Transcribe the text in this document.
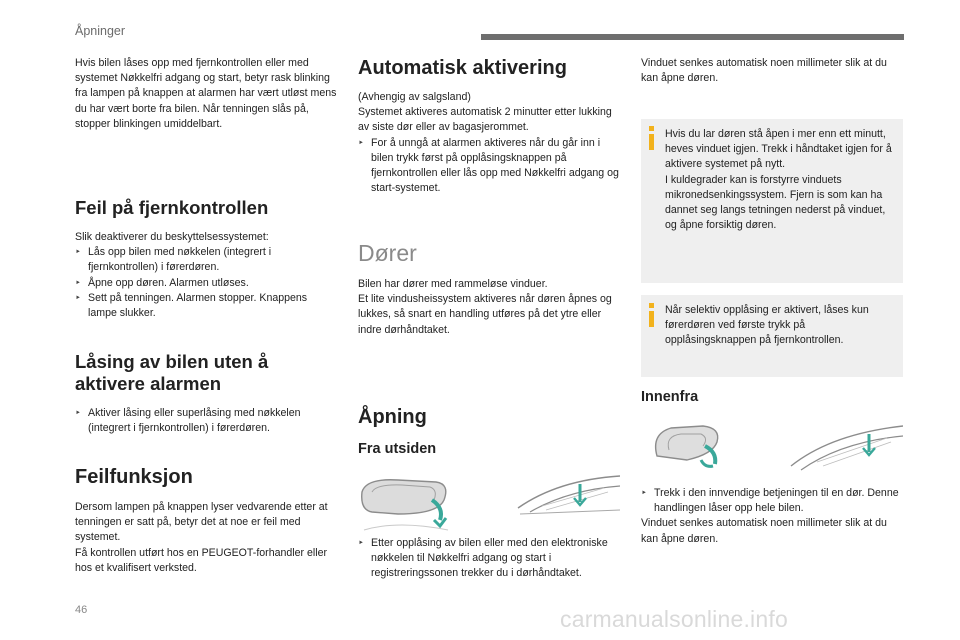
Åpninger

Hvis bilen låses opp med fjernkontrollen eller med systemet Nøkkelfri adgang og start, betyr rask blinking fra lampen på knappen at alarmen har vært utløst mens du har vært borte fra bilen. Når tenningen slås på, stopper blinkingen umiddelbart.

Feil på fjernkontrollen

Slik deaktiverer du beskyttelsessystemet:

‣ Lås opp bilen med nøkkelen (integrert i fjernkontrollen) i førerdøren.
‣ Åpne opp døren. Alarmen utløses.
‣ Sett på tenningen. Alarmen stopper. Knappens lampe slukker.
Låsing av bilen uten å aktivere alarmen
‣ Aktiver låsing eller superlåsing med nøkkelen (integrert i fjernkontrollen) i førerdøren.
Feilfunksjon

Dersom lampen på knappen lyser vedvarende etter at tenningen er satt på, betyr det at noe er feil med systemet.

Få kontrollen utført hos en PEUGEOT-forhandler eller hos et kvalifisert verksted.

Automatisk aktivering

(Avhengig av salgsland)

Systemet aktiveres automatisk 2 minutter etter lukking av siste dør eller av bagasjerommet.

‣ For å unngå at alarmen aktiveres når du går inn i bilen trykk først på opplåsingsknappen på fjernkontrollen eller lås opp med Nøkkelfri adgang og start-systemet.
Dører

Bilen har dører med rammeløse vinduer.

Et lite vindusheissystem aktiveres når døren åpnes og lukkes, så snart en handling utføres på det ytre eller indre dørhåndtaket.

Åpning
Fra utsiden
‣ Etter opplåsing av bilen eller med den elektroniske nøkkelen til Nøkkelfri adgang og start i registreringssonen trekker du i dørhåndtaket.

Vinduet senkes automatisk noen millimeter slik at du kan åpne døren.

Hvis du lar døren stå åpen i mer enn ett minutt, heves vinduet igjen. Trekk i håndtaket igjen for å aktivere systemet på nytt.

I kuldegrader kan is forstyrre vinduets mikronedsenkingssystem. Fjern is som kan ha dannet seg langs tetningen nederst på vinduet, og åpne forsiktig døren.

Når selektiv opplåsing er aktivert, låses kun førerdøren ved første trykk på opplåsingsknappen på fjernkontrollen.

Innenfra
‣ Trekk i den innvendige betjeningen til en dør. Denne handlingen låser opp hele bilen.

Vinduet senkes automatisk noen millimeter slik at du kan åpne døren.

46	carmanualsonline.info
